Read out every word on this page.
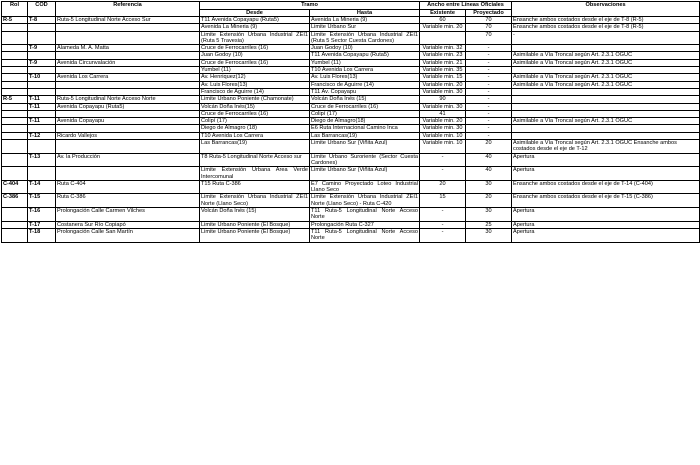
Rol	COD	Referencia	Tramo		Ancho entre Líneas Oficiales		Observaciones
			Desde	Hasta	Existente	Proyectado	
R-5	T-8	Ruta-5 Longitudinal Norte Acceso Sur	T11 Avenida Copayapu (Ruta5)	Avenida La Mineria (9)	60	70	Ensanche ambos costados desde el eje de T-8 (R-5)
			Avenida La Mineria (9)	Limite Urbano Sur	Variable min. 20	70	Ensanche ambos costados desde el eje de T-8 (R-5)
			Limite Extensión Urbana Industrial ZEI1 (Ruta 5 Travesia)	Limite Extensión Urbana Industrial ZEI1 (Ruta 5 Sector Cuesta Cardones)		70	-
	T-9	Alameda M. A. Matta	Cruce de Ferrocarriles (16)	Juan Godoy (10)	Variable min. 32	-	
			Juan Godoy (10)	T11 Avenida Copayapu (Ruta5)	Variable min. 23	-	Asimilable a Vía Troncal según Art. 2.3.1 OGUC
	T-9	Avenida Circunvalación	Cruce de Ferrocarriles (16)	Yumbel (11)	Variable min. 21	-	Asimilable a Vía Troncal según Art. 2.3.1 OGUC
			Yumbel (11)	T10 Avenida Los Carrera	Variable min. 35	-	
	T-10	Avenida Los Carrera	Av. Henriquez(12)	Av. Luis Flores(13)	Variable min. 15	-	Asimilable a Vía Troncal según Art. 2.3.1 OGUC
			Av. Luis Flores(13)	Francisco de Aguirre (14)	Variable min. 20	-	Asimilable a Vía Troncal según Art. 2.3.1 OGUC
			Francisco de Aguirre (14)	T11 Av. Copayapu	Variable min. 30	-	
R-5	T-11	Ruta-5 Longitudinal Norte Acceso Norte	Limite Urbano Poniente (Chamonate)	Volcán Doña Inés (15)	90	-	
	T-11	Avenida Copayapu (Ruta5)	Volcán Doña Inés(15)	Cruce de Ferrocarriles (16)	Variable min. 30	-	
			Cruce de Ferrocarriles (16)	Colipí (17)	41	-	
	T-11	Avenida Copayapu	Colipí (17)	Diego de Almagro(18)	Variable min. 20	-	Asimilable a Vía Troncal según Art. 2.3.1 OGUC
			Diego de Almagro (18)	E6 Ruta Internacional Camino Inca	Variable min. 30	-	
	T-12	Ricardo Vallejos	T10 Avenida Los Carrera	Las Barrancas(19)	Variable min. 10	-	
			Las Barrancas(19)	Limite Urbano Sur (Viñita Azul)	Variable min. 10	20	Asimilable a Vía Troncal según Art. 2.3.1 OGUC Ensanche ambos costados desde el eje de T-12
	T-13	Av. la Producción	T8 Ruta-5 Longitudinal Norte Acceso sur	Limite Urbano Suroriente (Sector Cuesta Cardones)	-	40	Apertura
			Limite Extensión Urbana Area Verde Intercomunal	Limite Urbano Sur (Viñita Azul)	-	40	Apertura
C-404	T-14	Ruta C-404	T15 Ruta C-386	E7 Camino Proyectado Loteo Industrial Llano Seco	20	30	Ensanche ambos costados desde el eje de T-14 (C-404)
C-386	T-15	Ruta C-386	Limite Extensión Urbana Industrial ZEI1 Norte (Llano Seco)	Limite Extensión Urbana Industrial ZEI1 Norte (Llano Seco) - Ruta C-420	15	20	Ensanche ambos costados desde el eje de T-15 (C-386)
	T-16	Prolongación Calle Carmen Vilches	Volcán Doña Inés (15)	T11 Ruta-5 Longitudinal Norte Acceso Norte	-	30	Apertura
	T-17	Costanera Sur Río Copiapó	Limite Urbano Poniente (El Bosque)	Prolongación Ruta C-327	-	25	Apertura
	T-18	Prolongación Calle San Martín	Limite Urbano Poniente (El Bosque)	T11 Ruta-5 Longitudinal Norte Acceso Norte	-	30	Apertura
